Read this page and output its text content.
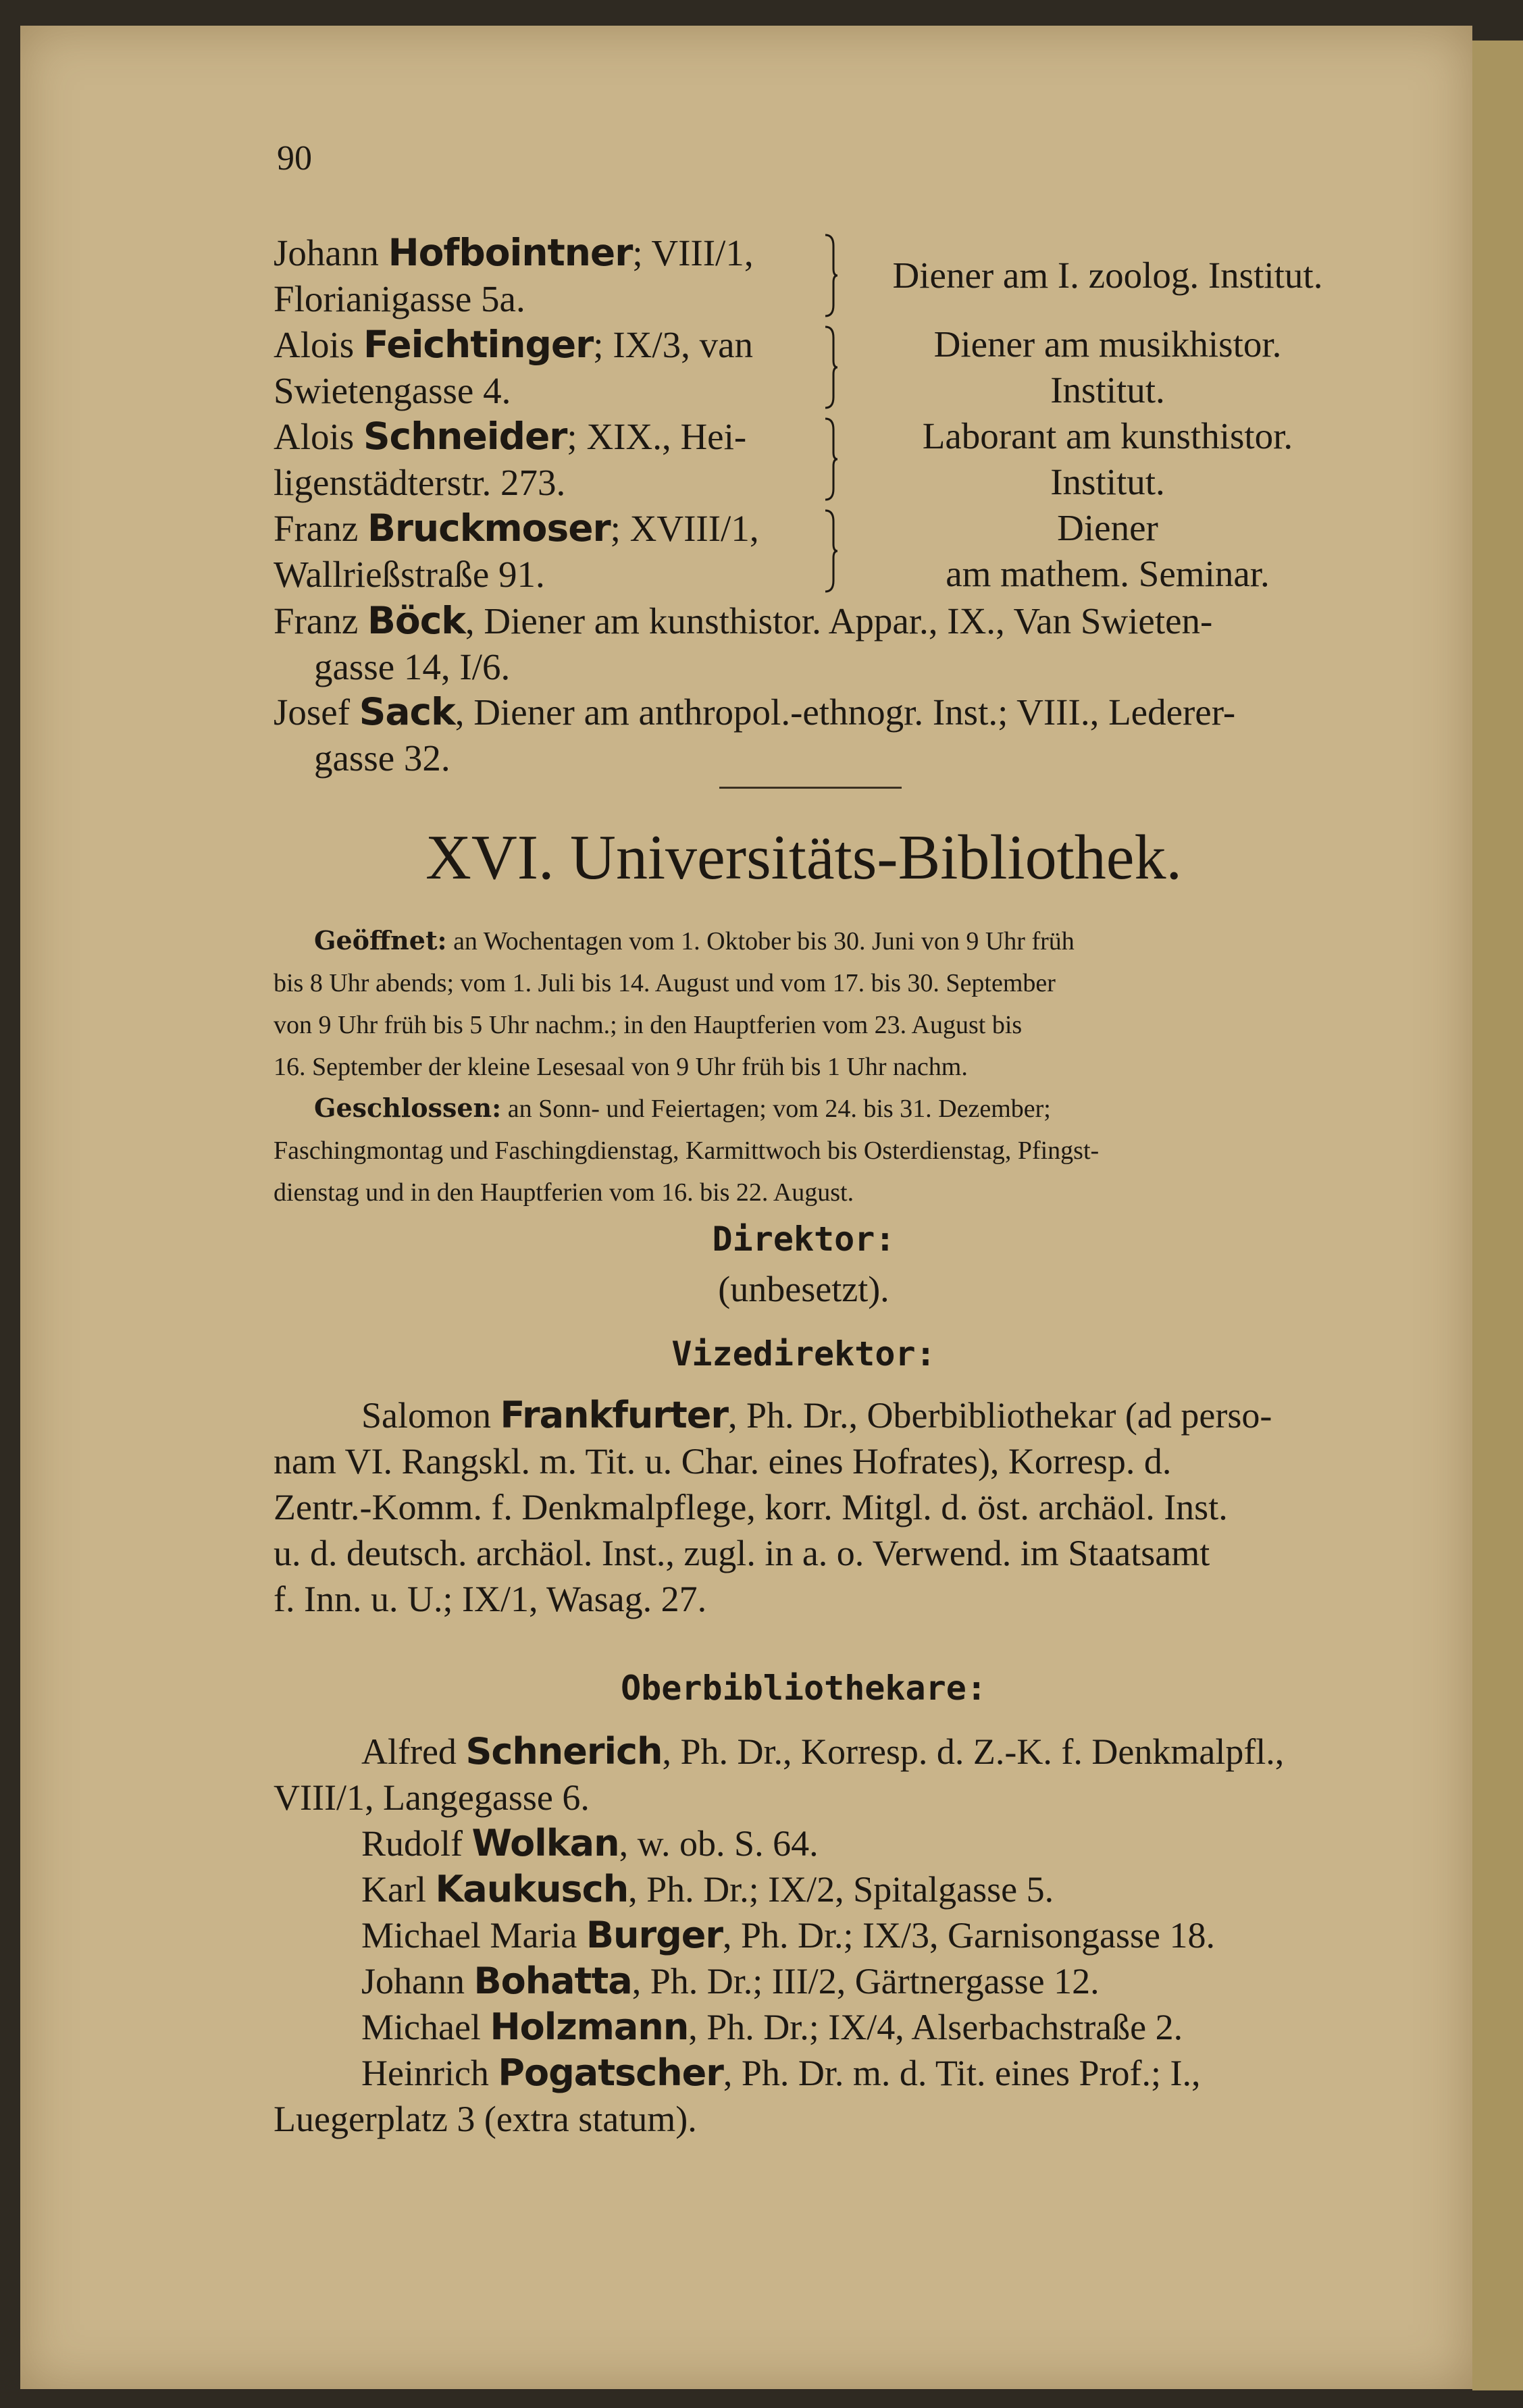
90
Johann Hofbointner; VIII/1,
Florianigasse 5a.
Diener am I. zoolog. Institut.
Alois Feichtinger; IX/3, van
Swietengasse 4.
Diener am musikhistor.
Institut.
Alois Schneider; XIX., Hei-
ligenstädterstr. 273.
Laborant am kunsthistor.
Institut.
Franz Bruckmoser; XVIII/1,
Wallrießstraße 91.
Diener
am mathem. Seminar.
Franz Böck, Diener am kunsthistor. Appar., IX., Van Swieten-
gasse 14, I/6.
Josef Sack, Diener am anthropol.-ethnogr. Inst.; VIII., Lederer-
gasse 32.
XVI. Universitäts-Bibliothek.
Geöffnet: an Wochentagen vom 1. Oktober bis 30. Juni von 9 Uhr früh
bis 8 Uhr abends; vom 1. Juli bis 14. August und vom 17. bis 30. September
von 9 Uhr früh bis 5 Uhr nachm.; in den Hauptferien vom 23. August bis
16. September der kleine Lesesaal von 9 Uhr früh bis 1 Uhr nachm.
Geschlossen: an Sonn- und Feiertagen; vom 24. bis 31. Dezember;
Faschingmontag und Faschingdienstag, Karmittwoch bis Osterdienstag, Pfingst-
dienstag und in den Hauptferien vom 16. bis 22. August.
Direktor:
(unbesetzt).
Vizedirektor:
Salomon Frankfurter, Ph. Dr., Oberbibliothekar (ad perso-
nam VI. Rangskl. m. Tit. u. Char. eines Hofrates), Korresp. d.
Zentr.-Komm. f. Denkmalpflege, korr. Mitgl. d. öst. archäol. Inst.
u. d. deutsch. archäol. Inst., zugl. in a. o. Verwend. im Staatsamt
f. Inn. u. U.; IX/1, Wasag. 27.
Oberbibliothekare:
Alfred Schnerich, Ph. Dr., Korresp. d. Z.-K. f. Denkmalpfl.,
VIII/1, Langegasse 6.
Rudolf Wolkan, w. ob. S. 64.
Karl Kaukusch, Ph. Dr.; IX/2, Spitalgasse 5.
Michael Maria Burger, Ph. Dr.; IX/3, Garnisongasse 18.
Johann Bohatta, Ph. Dr.; III/2, Gärtnergasse 12.
Michael Holzmann, Ph. Dr.; IX/4, Alserbachstraße 2.
Heinrich Pogatscher, Ph. Dr. m. d. Tit. eines Prof.; I.,
Luegerplatz 3 (extra statum).
